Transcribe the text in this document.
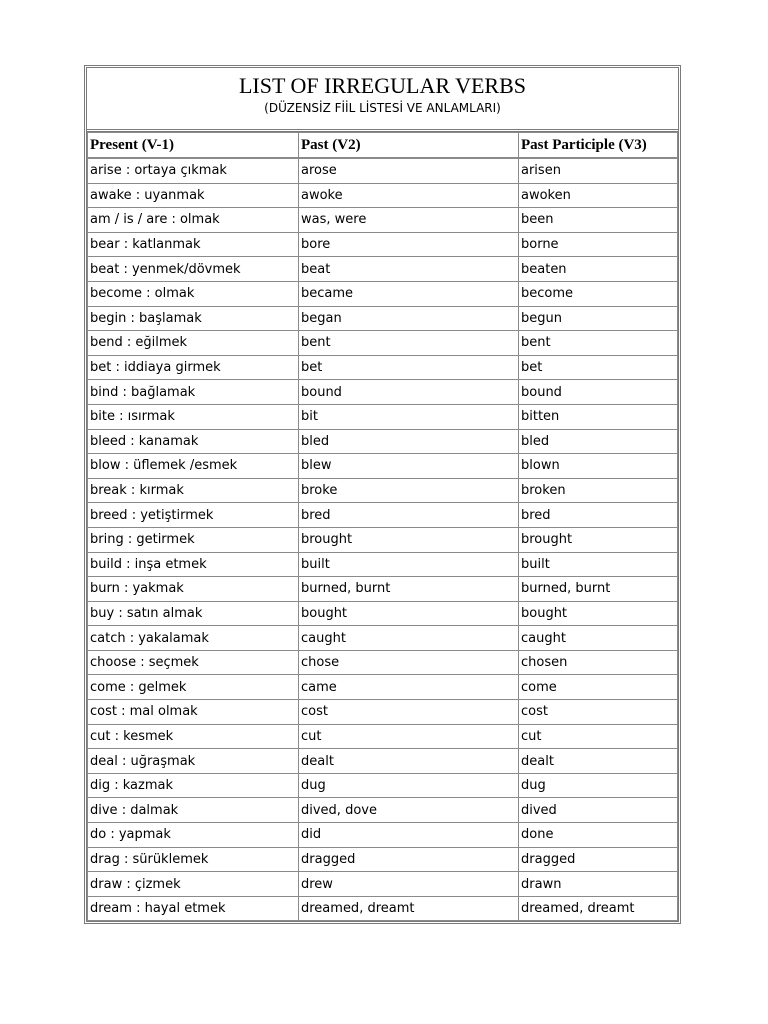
LIST OF IRREGULAR VERBS
(DÜZENSİZ FİİL LİSTESİ VE ANLAMLARI)
Present (V-1)	Past (V2)	Past Participle (V3)
arise : ortaya çıkmak	arose	arisen
awake : uyanmak	awoke	awoken
am / is / are : olmak	was, were	been
bear : katlanmak	bore	borne
beat : yenmek/dövmek	beat	beaten
become : olmak	became	become
begin : başlamak	began	begun
bend : eğilmek	bent	bent
bet : iddiaya girmek	bet	bet
bind : bağlamak	bound	bound
bite : ısırmak	bit	bitten
bleed : kanamak	bled	bled
blow : üflemek /esmek	blew	blown
break : kırmak	broke	broken
breed : yetiştirmek	bred	bred
bring : getirmek	brought	brought
build : inşa etmek	built	built
burn : yakmak	burned, burnt	burned, burnt
buy : satın almak	bought	bought
catch : yakalamak	caught	caught
choose : seçmek	chose	chosen
come : gelmek	came	come
cost : mal olmak	cost	cost
cut : kesmek	cut	cut
deal : uğraşmak	dealt	dealt
dig : kazmak	dug	dug
dive : dalmak	dived, dove	dived
do : yapmak	did	done
drag : sürüklemek	dragged	dragged
draw : çizmek	drew	drawn
dream : hayal etmek	dreamed, dreamt	dreamed, dreamt
